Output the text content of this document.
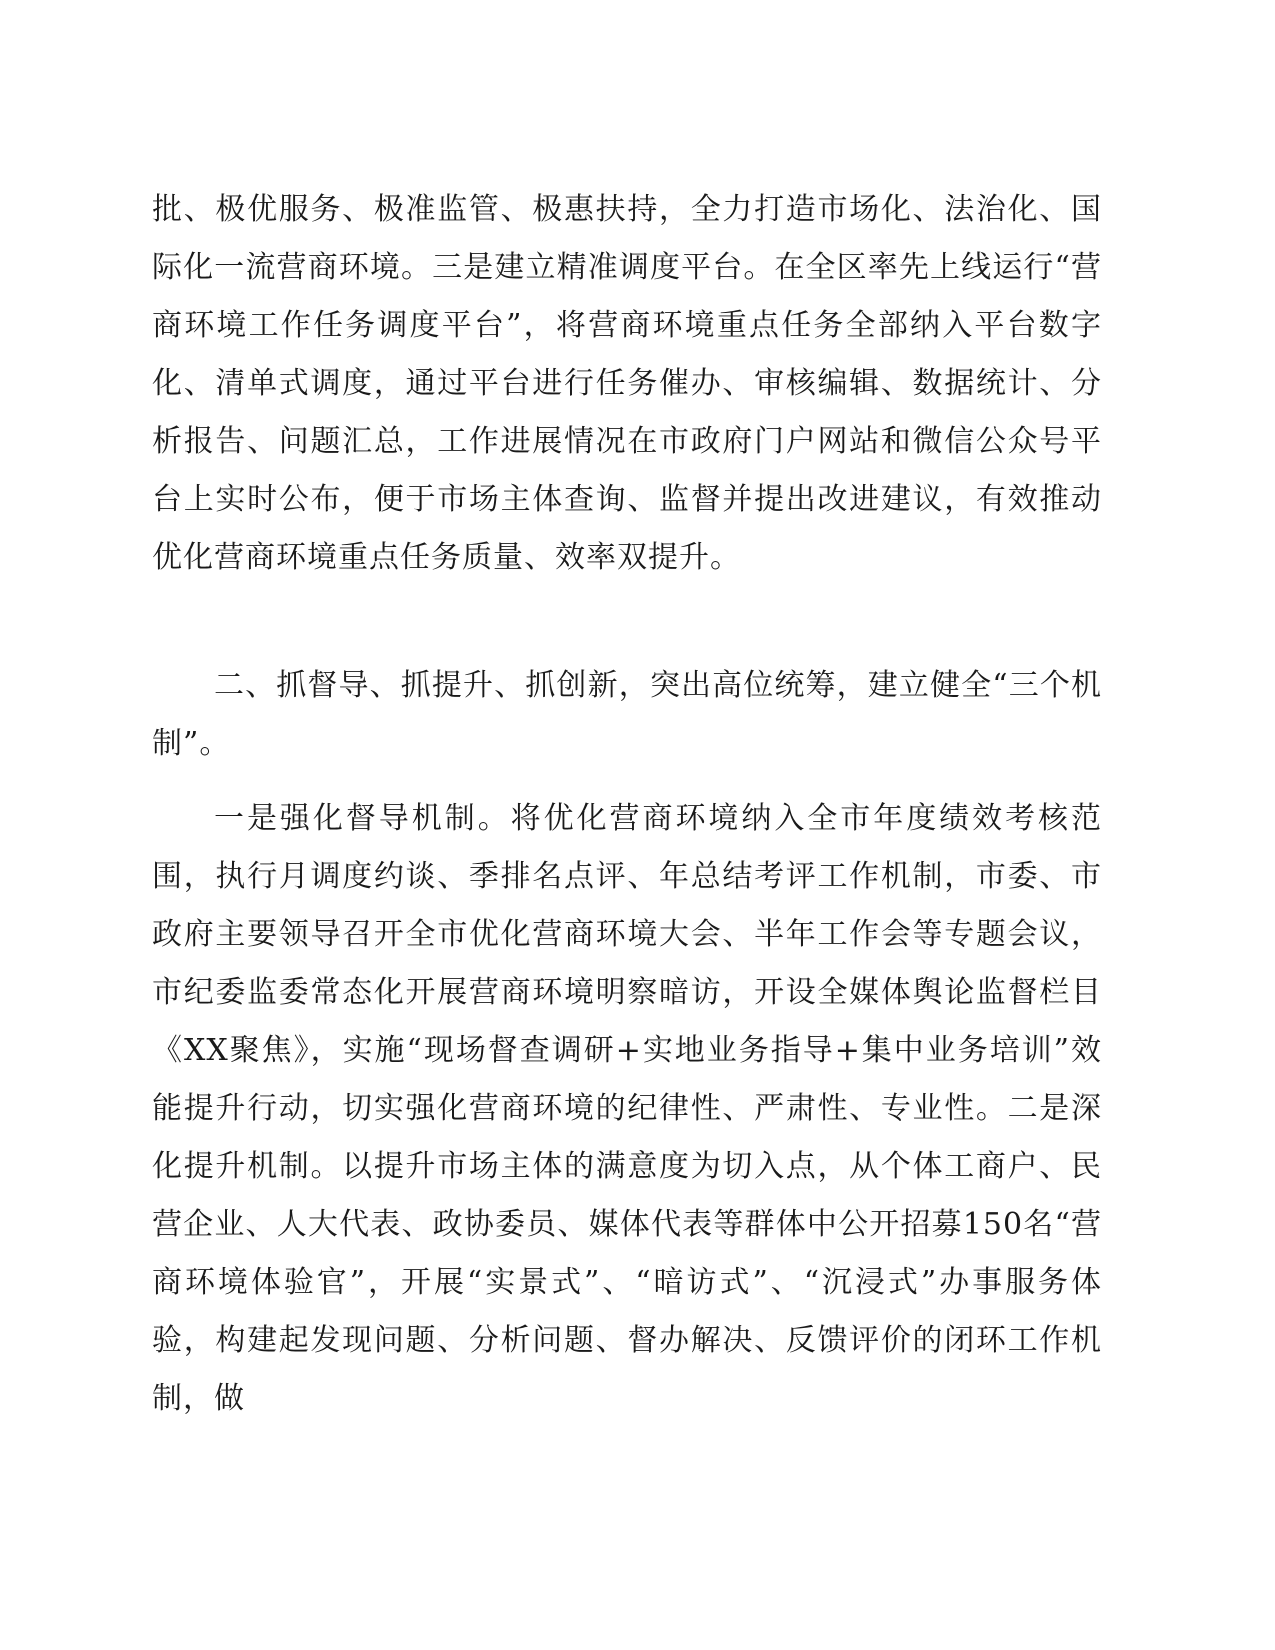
批、极优服务、极准监管、极惠扶持，全力打造市场化、法治化、国际化一流营商环境。三是建立精准调度平台。在全区率先上线运行“营商环境工作任务调度平台”，将营商环境重点任务全部纳入平台数字化、清单式调度，通过平台进行任务催办、审核编辑、数据统计、分析报告、问题汇总，工作进展情况在市政府门户网站和微信公众号平台上实时公布，便于市场主体查询、监督并提出改进建议，有效推动优化营商环境重点任务质量、效率双提升。

二、抓督导、抓提升、抓创新，突出高位统筹，建立健全“三个机制”。

一是强化督导机制。将优化营商环境纳入全市年度绩效考核范围，执行月调度约谈、季排名点评、年总结考评工作机制，市委、市政府主要领导召开全市优化营商环境大会、半年工作会等专题会议，市纪委监委常态化开展营商环境明察暗访，开设全媒体舆论监督栏目《XX聚焦》，实施“现场督查调研+实地业务指导+集中业务培训”效能提升行动，切实强化营商环境的纪律性、严肃性、专业性。二是深化提升机制。以提升市场主体的满意度为切入点，从个体工商户、民营企业、人大代表、政协委员、媒体代表等群体中公开招募150名“营商环境体验官”，开展“实景式”、“暗访式”、“沉浸式”办事服务体验，构建起发现问题、分析问题、督办解决、反馈评价的闭环工作机制，做
